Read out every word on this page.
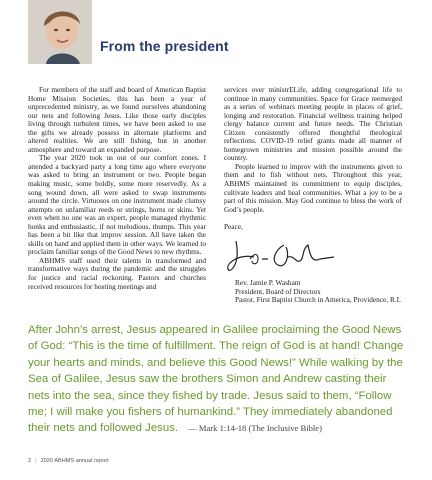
From the president

For members of the staff and board of American Baptist Home Mission Societies, this has been a year of unprecedented ministry, as we found ourselves abandoning our nets and following Jesus. Like those early disciples living through turbulent times, we have been asked to use the gifts we already possess in alternate platforms and altered realities. We are still fishing, but in another atmosphere and toward an expanded purpose.

The year 2020 took us out of our comfort zones. I attended a backyard party a long time ago where everyone was asked to bring an instrument or two. People began making music, some boldly, some more reservedly. As a song wound down, all were asked to swap instruments around the circle. Virtuosos on one instrument made clumsy attempts on unfamiliar reeds or strings, horns or skins. Yet even when no one was an expert, people managed rhythmic honks and enthusiastic, if not melodious, thumps. This year has been a bit like that improv session. All have taken the skills on hand and applied them in other ways. We learned to proclaim familiar songs of the Good News to new rhythms.

ABHMS staff used their talents in transformed and transformative ways during the pandemic and the struggles for justice and racial reckoning. Pastors and churches received resources for hosting meetings and

services over ministrELife, adding congregational life to continue in many communities. Space for Grace reemerged as a series of webinars meeting people in places of grief, longing and restoration. Financial wellness training helped clergy balance current and future needs. The Christian Citizen consistently offered thoughtful theological reflections. COVID-19 relief grants made all manner of homegrown ministries and mission possible around the country.

People learned to improv with the instruments given to them and to fish without nets. Throughout this year, ABHMS maintained its commitment to equip disciples, cultivate leaders and heal communities. What a joy to be a part of this mission. May God continue to bless the work of God’s people.

Peace,

Rev. Jamie P. Washam
President, Board of Directors
Pastor, First Baptist Church in America, Providence, R.I.

After John’s arrest, Jesus appeared in Galilee proclaiming the Good News of God: “This is the time of fulfillment. The reign of God is at hand! Change your hearts and minds, and believe this Good News!” While walking by the Sea of Galilee, Jesus saw the brothers Simon and Andrew casting their nets into the sea, since they fished by trade. Jesus said to them, “Follow me; I will make you fishers of humankind.” They immediately abandoned their nets and followed Jesus. — Mark 1:14-18 (The Inclusive Bible)
2 | 2020 ABHMS annual report
